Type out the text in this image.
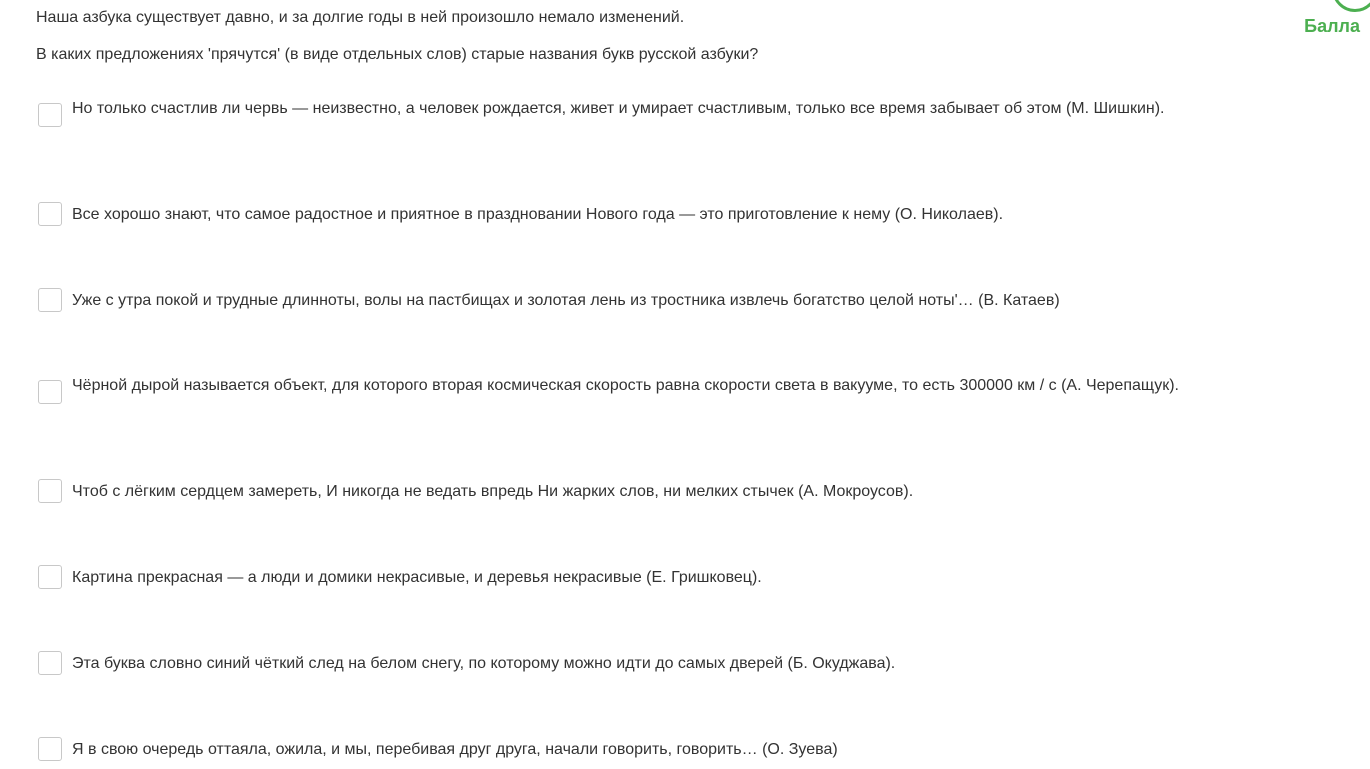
Наша азбука существует давно, и за долгие годы в ней произошло немало изменений.
В каких предложениях 'прячутся' (в виде отдельных слов) старые названия букв русской азбуки?
Балла
Но только счастлив ли червь — неизвестно, а человек рождается, живет и умирает счастливым, только все время забывает об этом (М. Шишкин).
Все хорошо знают, что самое радостное и приятное в праздновании Нового года — это приготовление к нему (О. Николаев).
Уже с утра покой и трудные длинноты, волы на пастбищах и золотая лень из тростника извлечь богатство целой ноты'… (В. Катаев)
Чёрной дырой называется объект, для которого вторая космическая скорость равна скорости света в вакууме, то есть 300000 км / с (А. Черепащук).
Чтоб с лёгким сердцем замереть, И никогда не ведать впредь Ни жарких слов, ни мелких стычек (А. Мокроусов).
Картина прекрасная — а люди и домики некрасивые, и деревья некрасивые (Е. Гришковец).
Эта буква словно синий чёткий след на белом снегу, по которому можно идти до самых дверей (Б. Окуджава).
Я в свою очередь оттаяла, ожила, и мы, перебивая друг друга, начали говорить, говорить… (О. Зуева)
